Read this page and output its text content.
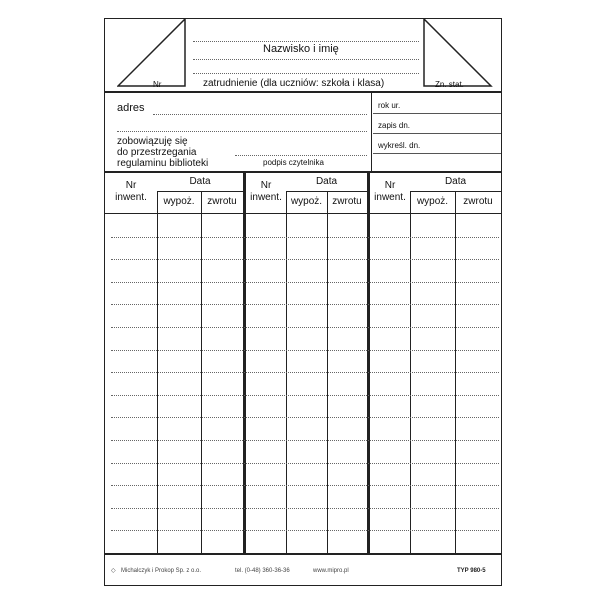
Nazwisko i imię
zatrudnienie (dla uczniów: szkoła i klasa)
Nr	Zn. stat.
adres
zobowiązuję się
do przestrzegania
regulaminu biblioteki	podpis czytelnika
rok ur.
zapis dn.
wykreśl. dn.
Nr
inwent.
Data
wypoż.	zwrotu
Nr
inwent.
Data
wypoż.	zwrotu
Nr
inwent.
Data
wypoż.	zwrotu
◇ Michalczyk i Prokop Sp. z o.o.	tel. (0-48) 360-36-36	www.mipro.pl	TYP 980-5
